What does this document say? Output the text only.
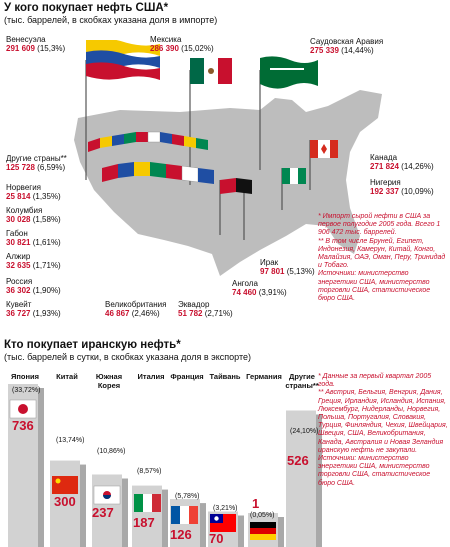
У кого покупает нефть США*
(тыс. баррелей, в скобках указана доля в импорте)
Венесуэла
291 609 (15,3%)
Мексика
286 390 (15,02%)
Саудовская Аравия
275 339 (14,44%)
Другие страны**
125 728 (6,59%)
Норвегия
25 814 (1,35%)
Колумбия
30 028 (1,58%)
Габон
30 821 (1,61%)
Алжир
32 635 (1,71%)
Россия
36 302 (1,90%)
Кувейт
36 727 (1,93%)
Великобритания
46 867 (2,46%)
Эквадор
51 782 (2,71%)
Ангола
74 460 (3,91%)
Ирак
97 801 (5,13%)
Канада
271 824 (14,26%)
Нигерия
192 337 (10,09%)
* Импорт сырой нефти в США за первое полугодие 2005 года. Всего 1 906 472 тыс. баррелей.
** В том числе Бруней, Египет, Индонезия, Камерун, Китай, Конго, Малайзия, ОАЭ, Оман, Перу, Тринидад и Тобаго.
Источники: министерство энергетики США, министерство торговли США, статистическое бюро США.
Кто покупает иранскую нефть*
(тыс. баррелей в сутки, в скобках указана доля в экспорте)
Япония	Китай	Южная Корея
Италия Франция Тайвань Германия Другие страны**
(33,72%)
(13,74%)
(10,86%)
(8,57%)
(5,78%)
(3,21%)
(0,05%)
(24,10%)
736
300
237
187
126 70
1
526
* Данные за первый квартал 2005 года.
** Австрия, Бельгия, Венгрия, Дания, Греция, Ирландия, Исландия, Испания, Люксембург, Нидерланды, Норвегия, Польша, Португалия, Словакия, Турция, Финляндия, Чехия, Швейцария, Швеция, США, Великобритания, Канада, Австралия и Новая Зеландия иранскую нефть не закупали.
Источники: министерство энергетики США, министерство торговли США, статистическое бюро США.
